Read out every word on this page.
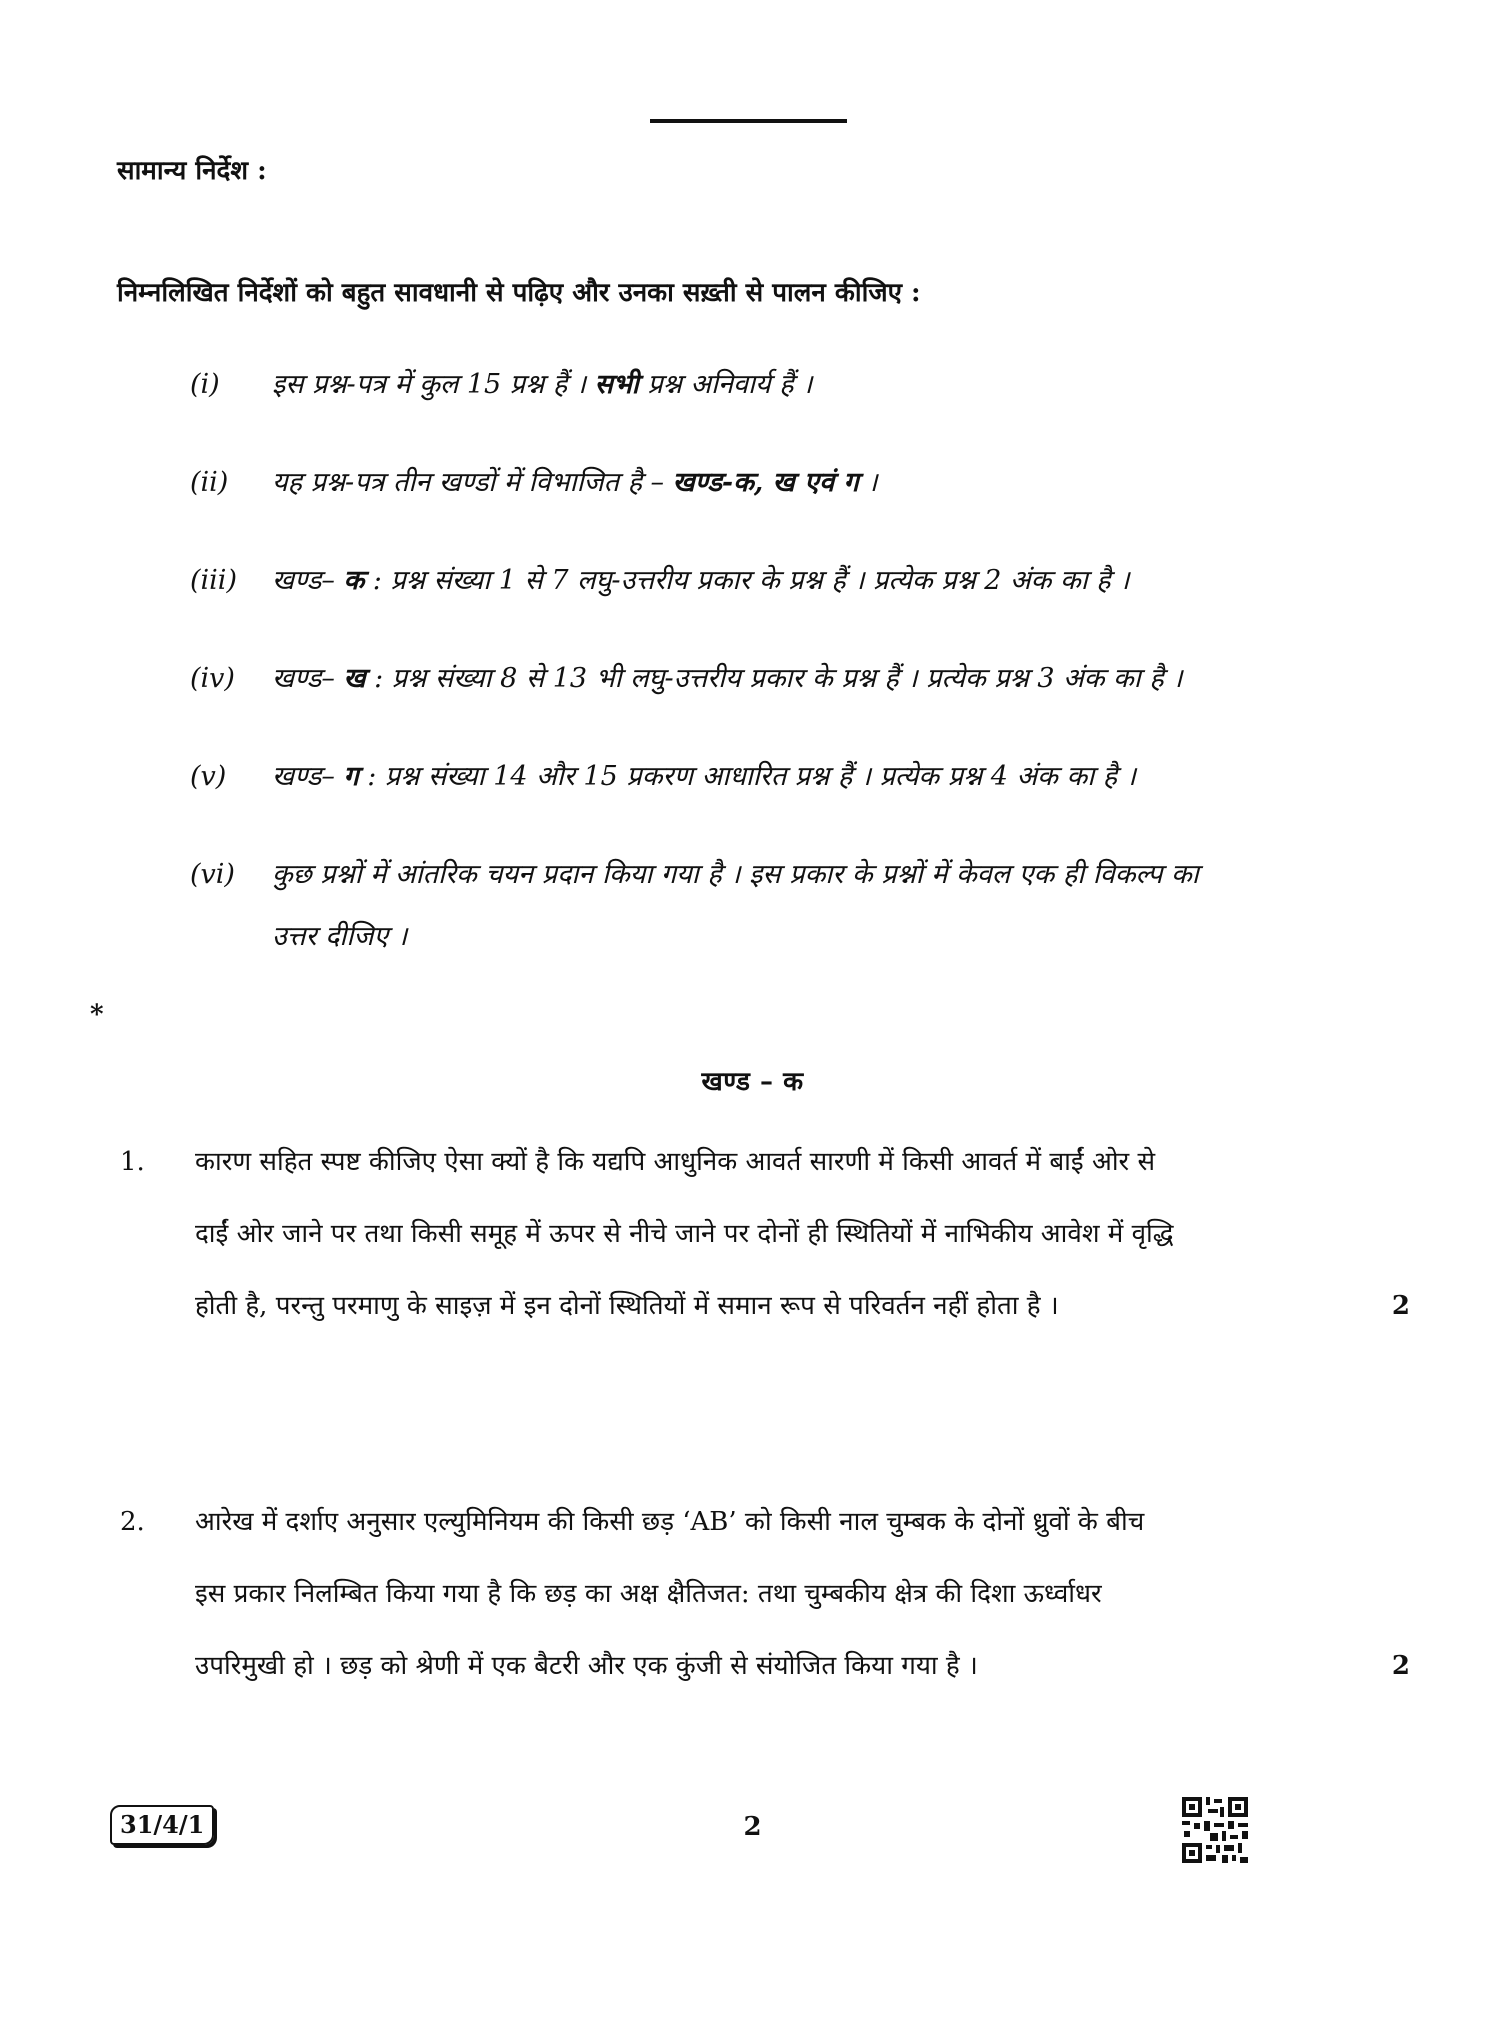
सामान्य निर्देश :
निम्नलिखित निर्देशों को बहुत सावधानी से पढ़िए और उनका सख़्ती से पालन कीजिए :
(i)	इस प्रश्न-पत्र में कुल 15 प्रश्न हैं । सभी प्रश्न अनिवार्य हैं ।
(ii)	यह प्रश्न-पत्र तीन खण्डों में विभाजित है – खण्ड-क, ख एवं ग ।
(iii)	खण्ड– क : प्रश्न संख्या 1 से 7 लघु-उत्तरीय प्रकार के प्रश्न हैं । प्रत्येक प्रश्न 2 अंक का है ।
(iv)	खण्ड– ख : प्रश्न संख्या 8 से 13 भी लघु-उत्तरीय प्रकार के प्रश्न हैं । प्रत्येक प्रश्न 3 अंक का है ।
(v)	खण्ड– ग : प्रश्न संख्या 14 और 15 प्रकरण आधारित प्रश्न हैं । प्रत्येक प्रश्न 4 अंक का है ।
(vi)	कुछ प्रश्नों में आंतरिक चयन प्रदान किया गया है । इस प्रकार के प्रश्नों में केवल एक ही विकल्प का
उत्तर दीजिए ।
*
खण्ड – क
1. कारण सहित स्पष्ट कीजिए ऐसा क्यों है कि यद्यपि आधुनिक आवर्त सारणी में किसी आवर्त में बाईं ओर से
दाईं ओर जाने पर तथा किसी समूह में ऊपर से नीचे जाने पर दोनों ही स्थितियों में नाभिकीय आवेश में वृद्धि
होती है, परन्तु परमाणु के साइज़ में इन दोनों स्थितियों में समान रूप से परिवर्तन नहीं होता है ।	2
2. आरेख में दर्शाए अनुसार एल्युमिनियम की किसी छड़ ‘AB’ को किसी नाल चुम्बक के दोनों ध्रुवों के बीच
इस प्रकार निलम्बित किया गया है कि छड़ का अक्ष क्षैतिजत: तथा चुम्बकीय क्षेत्र की दिशा ऊर्ध्वाधर
उपरिमुखी हो । छड़ को श्रेणी में एक बैटरी और एक कुंजी से संयोजित किया गया है ।	2
31/4/1	2
